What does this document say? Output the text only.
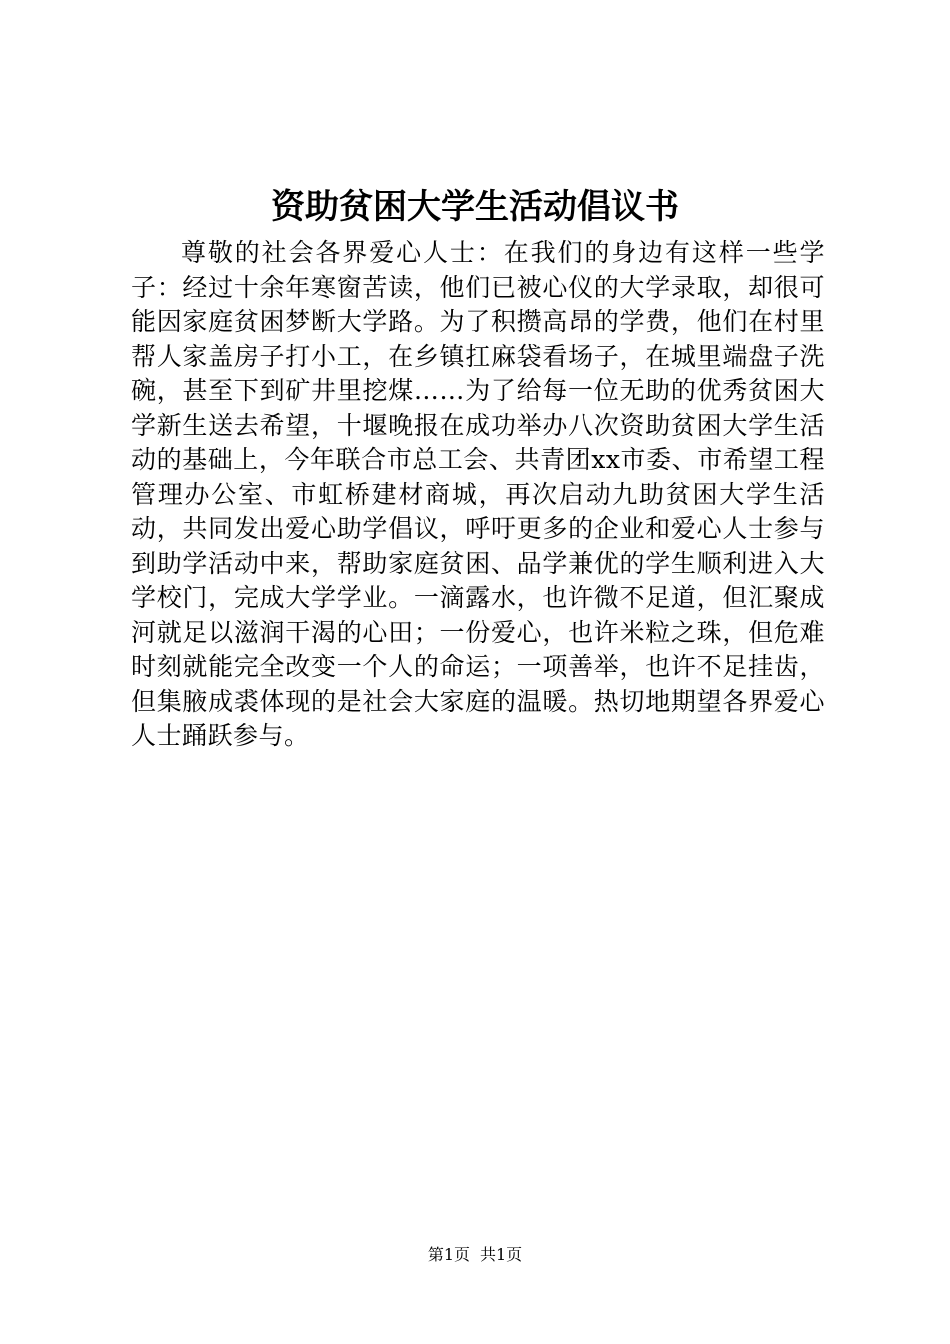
资助贫困大学生活动倡议书

尊敬的社会各界爱心人士：在我们的身边有这样一些学子：经过十余年寒窗苦读，他们已被心仪的大学录取，却很可能因家庭贫困梦断大学路。为了积攒高昂的学费，他们在村里帮人家盖房子打小工，在乡镇扛麻袋看场子，在城里端盘子洗碗，甚至下到矿井里挖煤……为了给每一位无助的优秀贫困大学新生送去希望，十堰晚报在成功举办八次资助贫困大学生活动的基础上，今年联合市总工会、共青团xx市委、市希望工程管理办公室、市虹桥建材商城，再次启动九助贫困大学生活动，共同发出爱心助学倡议，呼吁更多的企业和爱心人士参与到助学活动中来，帮助家庭贫困、品学兼优的学生顺利进入大学校门，完成大学学业。一滴露水，也许微不足道，但汇聚成河就足以滋润干渴的心田；一份爱心，也许米粒之珠，但危难时刻就能完全改变一个人的命运；一项善举，也许不足挂齿，但集腋成裘体现的是社会大家庭的温暖。热切地期望各界爱心人士踊跃参与。

第1页 共1页
